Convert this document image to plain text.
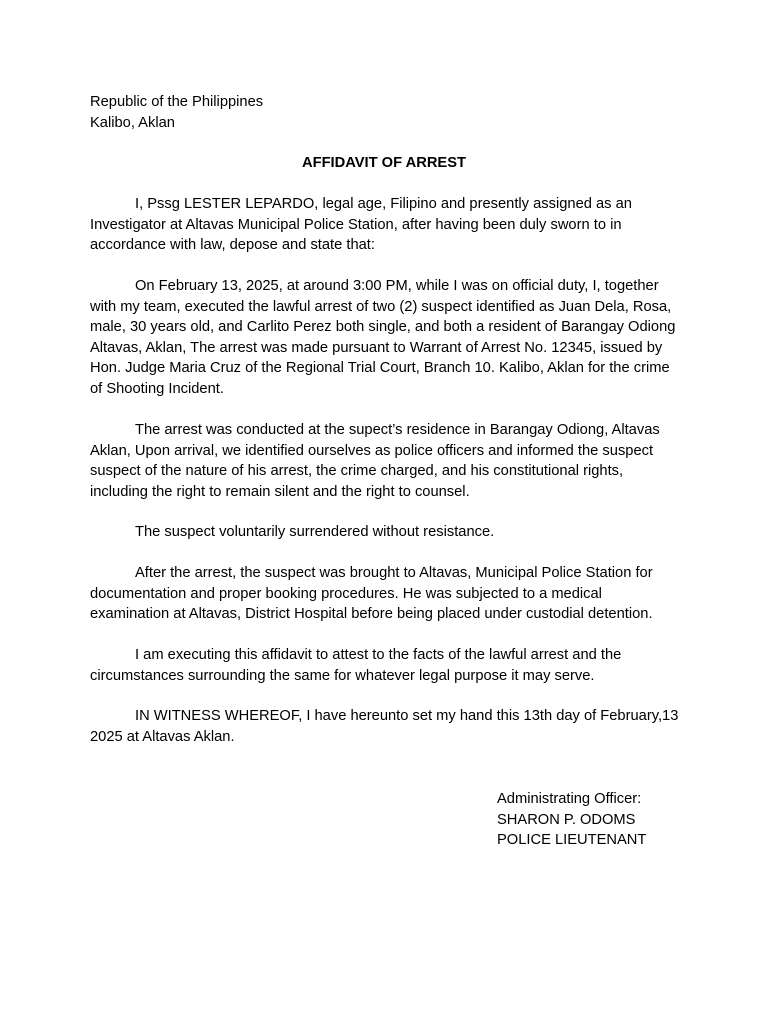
Republic of the Philippines
Kalibo, Aklan
AFFIDAVIT OF ARREST

I, Pssg LESTER LEPARDO, legal age, Filipino and presently assigned as an Investigator at Altavas Municipal Police Station, after having been duly sworn to in accordance with law, depose and state that:

On February 13, 2025, at around 3:00 PM, while I was on official duty, I, together with my team, executed the lawful arrest of two (2) suspect identified as Juan Dela, Rosa, male, 30 years old, and Carlito Perez both single, and both a resident of Barangay Odiong Altavas, Aklan, The arrest was made pursuant to Warrant of Arrest No. 12345, issued by Hon. Judge Maria Cruz of the Regional Trial Court, Branch 10. Kalibo, Aklan for the crime of Shooting Incident.

The arrest was conducted at the supect’s residence in Barangay Odiong, Altavas Aklan, Upon arrival, we identified ourselves as police officers and informed the suspect suspect of the nature of his arrest, the crime charged, and his constitutional rights, including the right to remain silent and the right to counsel.

The suspect voluntarily surrendered without resistance.

After the arrest, the suspect was brought to Altavas, Municipal Police Station for documentation and proper booking procedures. He was subjected to a medical examination at Altavas, District Hospital before being placed under custodial detention.

I am executing this affidavit to attest to the facts of the lawful arrest and the circumstances surrounding the same for whatever legal purpose it may serve.

IN WITNESS WHEREOF, I have hereunto set my hand this 13th day of February,13 2025 at Altavas Aklan.

Administrating Officer:
SHARON P. ODOMS
POLICE LIEUTENANT
